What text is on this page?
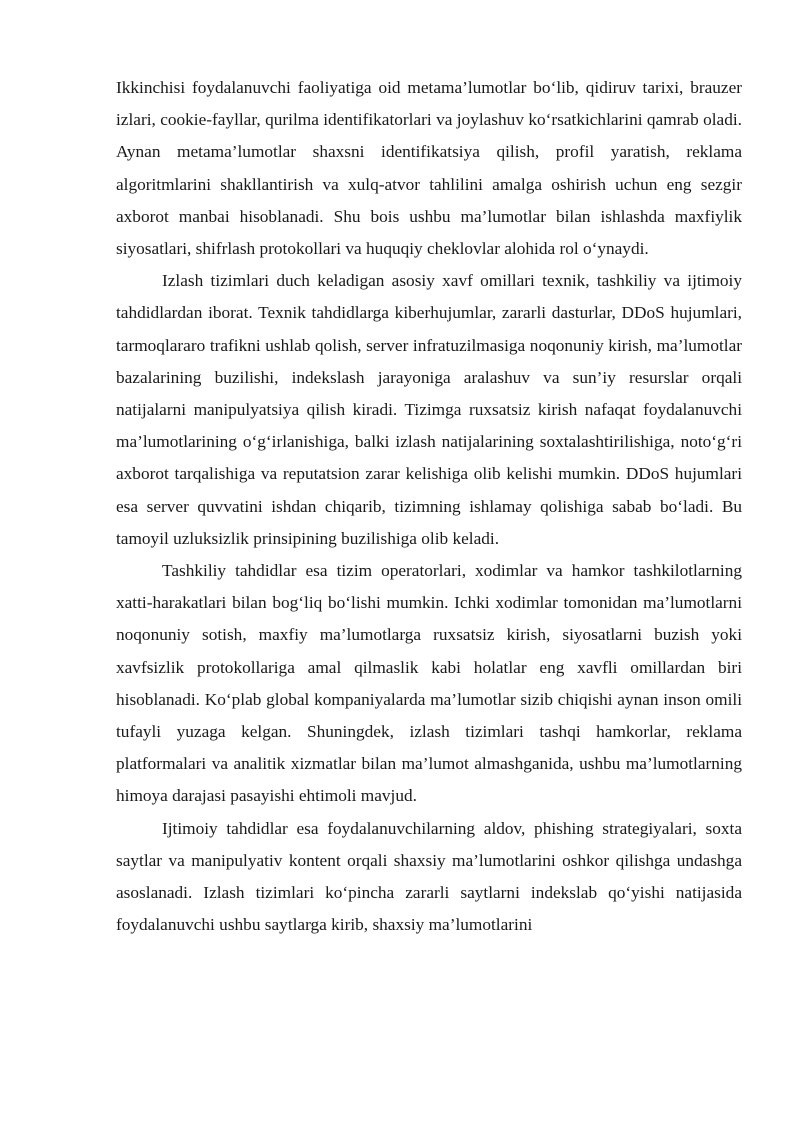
Ikkinchisi foydalanuvchi faoliyatiga oid metama’lumotlar bo‘lib, qidiruv tarixi, brauzer izlari, cookie-fayllar, qurilma identifikatorlari va joylashuv ko‘rsatkichlarini qamrab oladi. Aynan metama’lumotlar shaxsni identifikatsiya qilish, profil yaratish, reklama algoritmlarini shakllantirish va xulq-atvor tahlilini amalga oshirish uchun eng sezgir axborot manbai hisoblanadi. Shu bois ushbu ma’lumotlar bilan ishlashda maxfiylik siyosatlari, shifrlash protokollari va huquqiy cheklovlar alohida rol o‘ynaydi.

Izlash tizimlari duch keladigan asosiy xavf omillari texnik, tashkiliy va ijtimoiy tahdidlardan iborat. Texnik tahdidlarga kiberhujumlar, zararli dasturlar, DDoS hujumlari, tarmoqlararo trafikni ushlab qolish, server infratuzilmasiga noqonuniy kirish, ma’lumotlar bazalarining buzilishi, indekslash jarayoniga aralashuv va sun’iy resurslar orqali natijalarni manipulyatsiya qilish kiradi. Tizimga ruxsatsiz kirish nafaqat foydalanuvchi ma’lumotlarining o‘g‘irlanishiga, balki izlash natijalarining soxtalashtirilishiga, noto‘g‘ri axborot tarqalishiga va reputatsion zarar kelishiga olib kelishi mumkin. DDoS hujumlari esa server quvvatini ishdan chiqarib, tizimning ishlamay qolishiga sabab bo‘ladi. Bu tamoyil uzluksizlik prinsipining buzilishiga olib keladi.

Tashkiliy tahdidlar esa tizim operatorlari, xodimlar va hamkor tashkilotlarning xatti-harakatlari bilan bog‘liq bo‘lishi mumkin. Ichki xodimlar tomonidan ma’lumotlarni noqonuniy sotish, maxfiy ma’lumotlarga ruxsatsiz kirish, siyosatlarni buzish yoki xavfsizlik protokollariga amal qilmaslik kabi holatlar eng xavfli omillardan biri hisoblanadi. Ko‘plab global kompaniyalarda ma’lumotlar sizib chiqishi aynan inson omili tufayli yuzaga kelgan. Shuningdek, izlash tizimlari tashqi hamkorlar, reklama platformalari va analitik xizmatlar bilan ma’lumot almashganida, ushbu ma’lumotlarning himoya darajasi pasayishi ehtimoli mavjud.

Ijtimoiy tahdidlar esa foydalanuvchilarning aldov, phishing strategiyalari, soxta saytlar va manipulyativ kontent orqali shaxsiy ma’lumotlarini oshkor qilishga undashga asoslanadi. Izlash tizimlari ko‘pincha zararli saytlarni indekslab qo‘yishi natijasida foydalanuvchi ushbu saytlarga kirib, shaxsiy ma’lumotlarini
